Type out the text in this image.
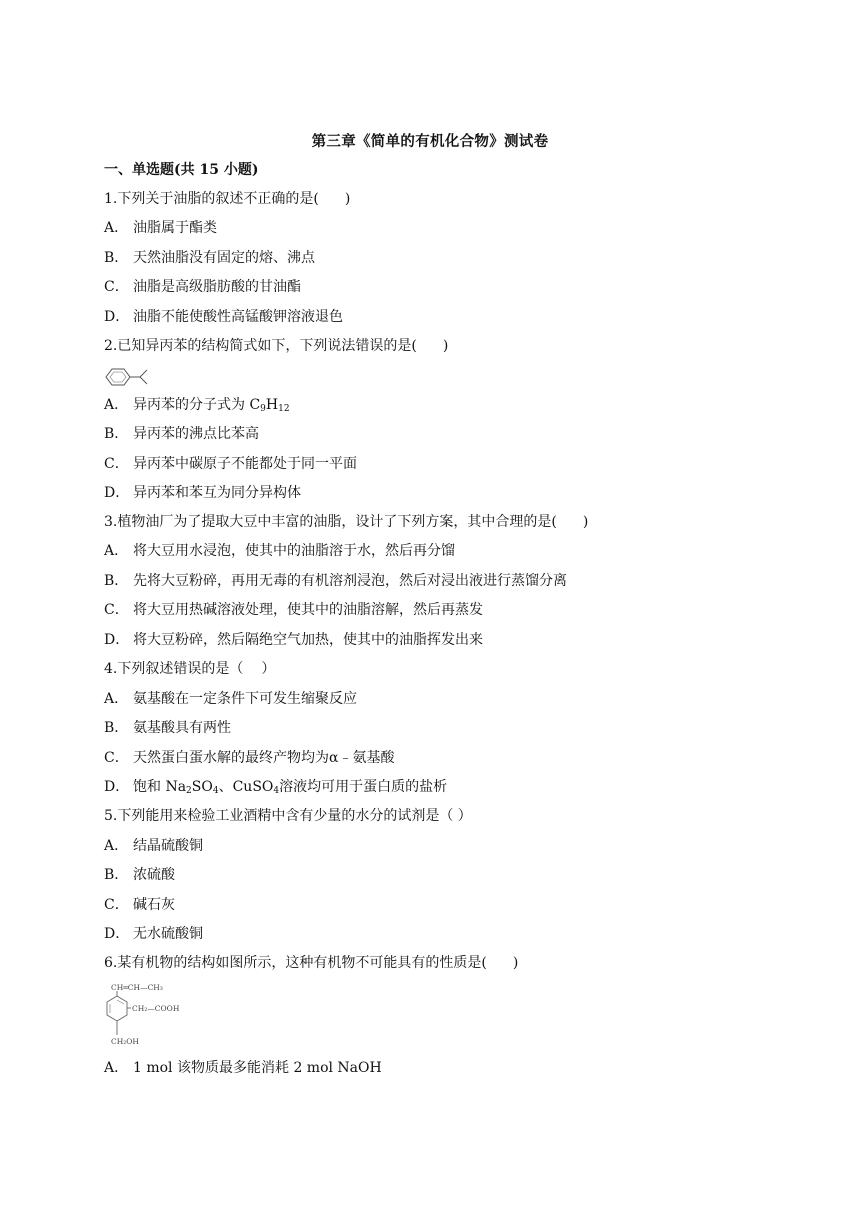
第三章《简单的有机化合物》测试卷
一、单选题(共 15 小题)
1.下列关于油脂的叙述不正确的是( )
A． 油脂属于酯类
B． 天然油脂没有固定的熔、沸点
C． 油脂是高级脂肪酸的甘油酯
D． 油脂不能使酸性高锰酸钾溶液退色
2.已知异丙苯的结构简式如下，下列说法错误的是( )
A． 异丙苯的分子式为 $C_9H_{12}$
B． 异丙苯的沸点比苯高
C． 异丙苯中碳原子不能都处于同一平面
D． 异丙苯和苯互为同分异构体
3.植物油厂为了提取大豆中丰富的油脂，设计了下列方案，其中合理的是( )
A． 将大豆用水浸泡，使其中的油脂溶于水，然后再分馏
B． 先将大豆粉碎，再用无毒的有机溶剂浸泡，然后对浸出液进行蒸馏分离
C． 将大豆用热碱溶液处理，使其中的油脂溶解，然后再蒸发
D． 将大豆粉碎，然后隔绝空气加热，使其中的油脂挥发出来
4.下列叙述错误的是（ ）
A． 氨基酸在一定条件下可发生缩聚反应
B． 氨基酸具有两性
C． 天然蛋白蛋水解的最终产物均为α﹣氨基酸
D． 饱和 $Na_2SO_4$、CuSO$_4$溶液均可用于蛋白质的盐析
5.下列能用来检验工业酒精中含有少量的水分的试剂是（ ）
A． 结晶硫酸铜
B． 浓硫酸
C． 碱石灰
D． 无水硫酸铜
6.某有机物的结构如图所示，这种有机物不可能具有的性质是( )
CH═CH—CH₃
CH₂—COOH
CH₂OH
A． 1 mol 该物质最多能消耗 2 mol NaOH
